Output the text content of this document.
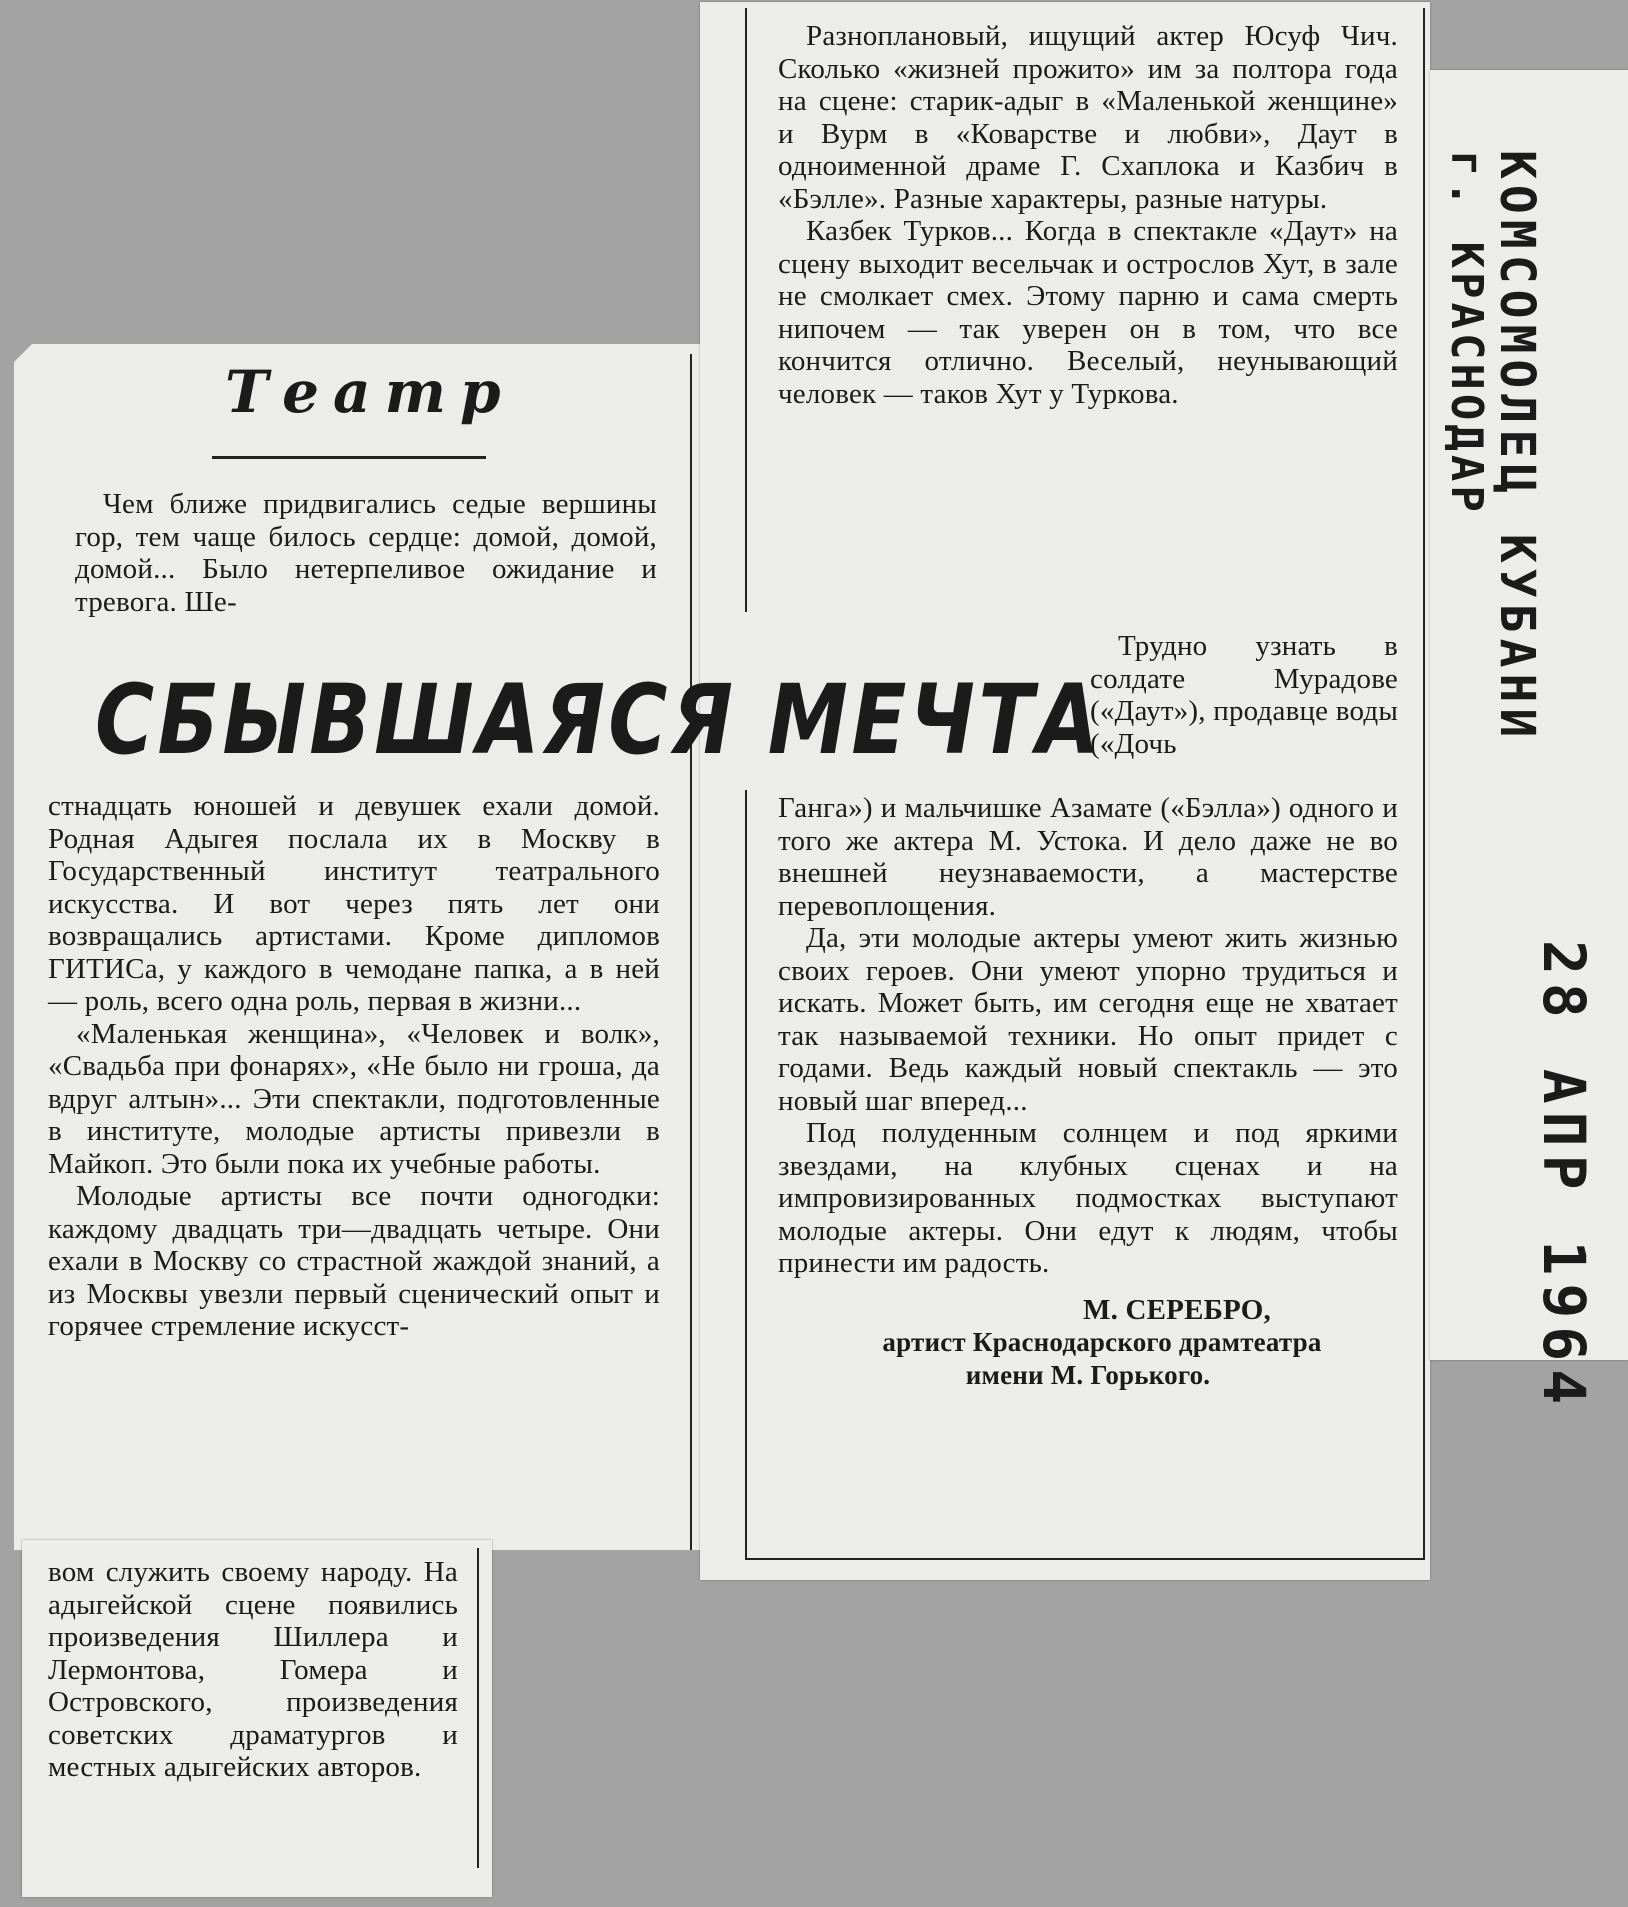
Театр

Чем ближе придвигались седые вершины гор, тем чаще билось сердце: домой, домой, домой... Было нетерпеливое ожидание и тревога. Ше-

СБЫВШАЯСЯ МЕЧТА

стнадцать юношей и девушек ехали домой. Родная Адыгея послала их в Москву в Государственный институт театрального искусства. И вот через пять лет они возвращались артистами. Кроме дипломов ГИТИСа, у каждого в чемодане папка, а в ней — роль, всего одна роль, первая в жизни...

«Маленькая женщина», «Человек и волк», «Свадьба при фонарях», «Не было ни гроша, да вдруг алтын»... Эти спектакли, подготовленные в институте, молодые артисты привезли в Майкоп. Это были пока их учебные работы.

Молодые артисты все почти одногодки: каждому двадцать три—двадцать четыре. Они ехали в Москву со страстной жаждой знаний, а из Москвы увезли первый сценический опыт и горячее стремление искусст-

вом служить своему народу. На адыгейской сцене появились произведения Шиллера и Лермонтова, Гомера и Островского, произведения советских драматургов и местных адыгейских авторов.

Разноплановый, ищущий актер Юсуф Чич. Сколько «жизней прожито» им за полтора года на сцене: старик-адыг в «Маленькой женщине» и Вурм в «Коварстве и любви», Даут в одноименной драме Г. Схаплока и Казбич в «Бэлле». Разные характеры, разные натуры.

Казбек Турков... Когда в спектакле «Даут» на сцену выходит весельчак и острослов Хут, в зале не смолкает смех. Этому парню и сама смерть нипочем — так уверен он в том, что все кончится отлично. Веселый, неунывающий человек — таков Хут у Туркова.

Трудно узнать в солдате Мурадове («Даут»), продавце воды («Дочь

Ганга») и мальчишке Азамате («Бэлла») одного и того же актера М. Устока. И дело даже не во внешней неузнаваемости, а мастерстве перевоплощения.

Да, эти молодые актеры умеют жить жизнью своих героев. Они умеют упорно трудиться и искать. Может быть, им сегодня еще не хватает так называемой техники. Но опыт придет с годами. Ведь каждый новый спектакль — это новый шаг вперед...

Под полуденным солнцем и под яркими звездами, на клубных сценах и на импровизированных подмостках выступают молодые актеры. Они едут к людям, чтобы принести им радость.

М. СЕРЕБРО,

артист Краснодарского драмтеатра имени М. Горького.

КОМСОМОЛЕЦ КУБАНИ
г. КРАСНОДАР
28 АПР 1964
